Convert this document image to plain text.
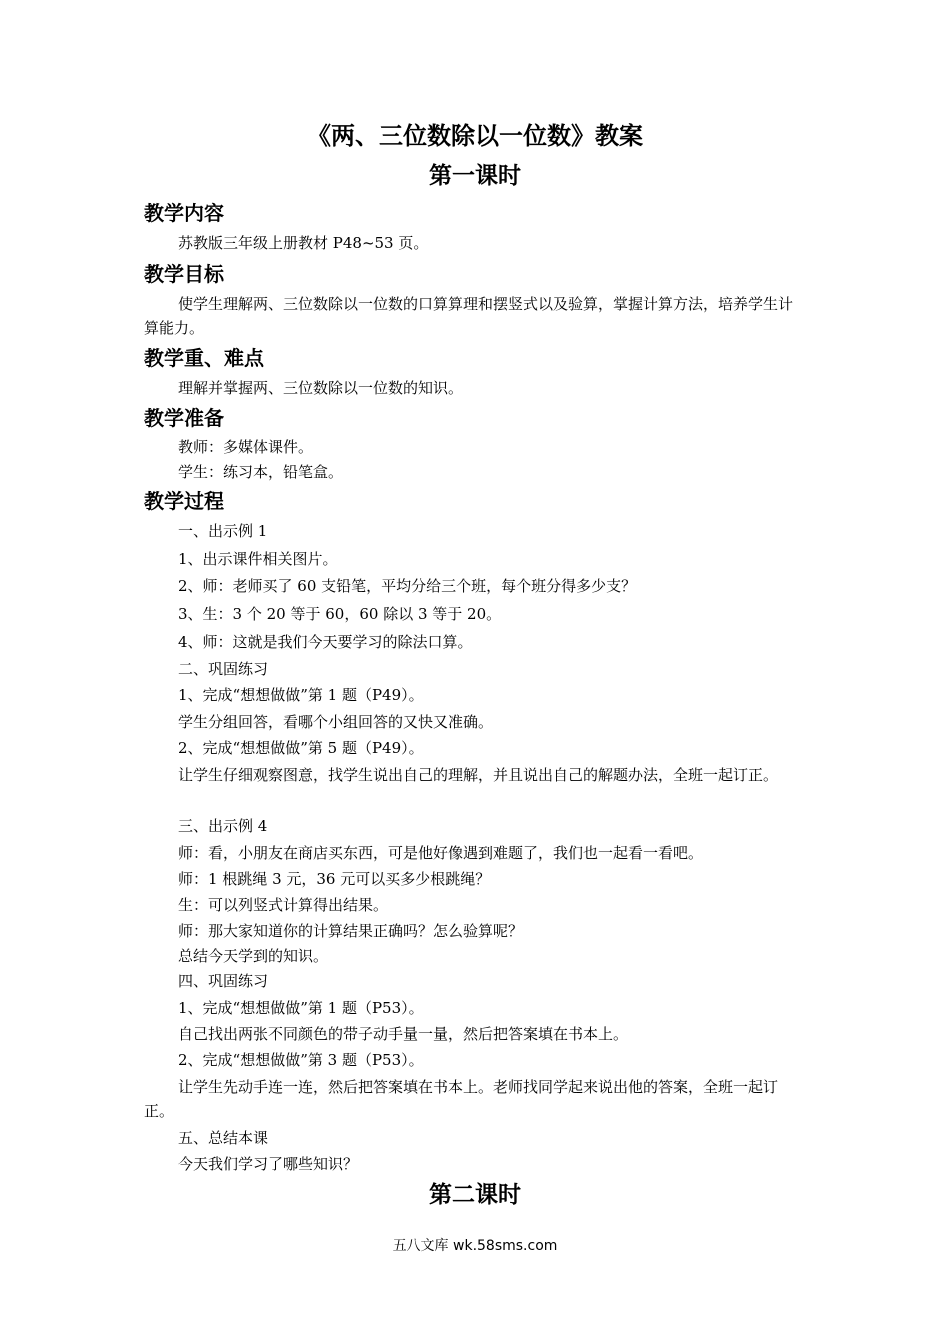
《两、三位数除以一位数》教案
第一课时
教学内容
苏教版三年级上册教材 P48~53 页。
教学目标
使学生理解两、三位数除以一位数的口算算理和摆竖式以及验算，掌握计算方法，培养学生计算能力。
教学重、难点
理解并掌握两、三位数除以一位数的知识。
教学准备
教师：多媒体课件。
学生：练习本，铅笔盒。
教学过程
一、出示例 1
1、出示课件相关图片。
2、师：老师买了 60 支铅笔，平均分给三个班，每个班分得多少支？
3、生：3 个 20 等于 60，60 除以 3 等于 20。
4、师：这就是我们今天要学习的除法口算。
二、巩固练习
1、完成“想想做做”第 1 题（P49）。
学生分组回答，看哪个小组回答的又快又准确。
2、完成“想想做做”第 5 题（P49）。
让学生仔细观察图意，找学生说出自己的理解，并且说出自己的解题办法，全班一起订正。
三、出示例 4
师：看，小朋友在商店买东西，可是他好像遇到难题了，我们也一起看一看吧。
师：1 根跳绳 3 元，36 元可以买多少根跳绳？
生：可以列竖式计算得出结果。
师：那大家知道你的计算结果正确吗？怎么验算呢？
总结今天学到的知识。
四、巩固练习
1、完成“想想做做”第 1 题（P53）。
自己找出两张不同颜色的带子动手量一量，然后把答案填在书本上。
2、完成“想想做做”第 3 题（P53）。
让学生先动手连一连，然后把答案填在书本上。老师找同学起来说出他的答案，全班一起订正。
五、总结本课
今天我们学习了哪些知识？
第二课时
五八文库 wk.58sms.com
